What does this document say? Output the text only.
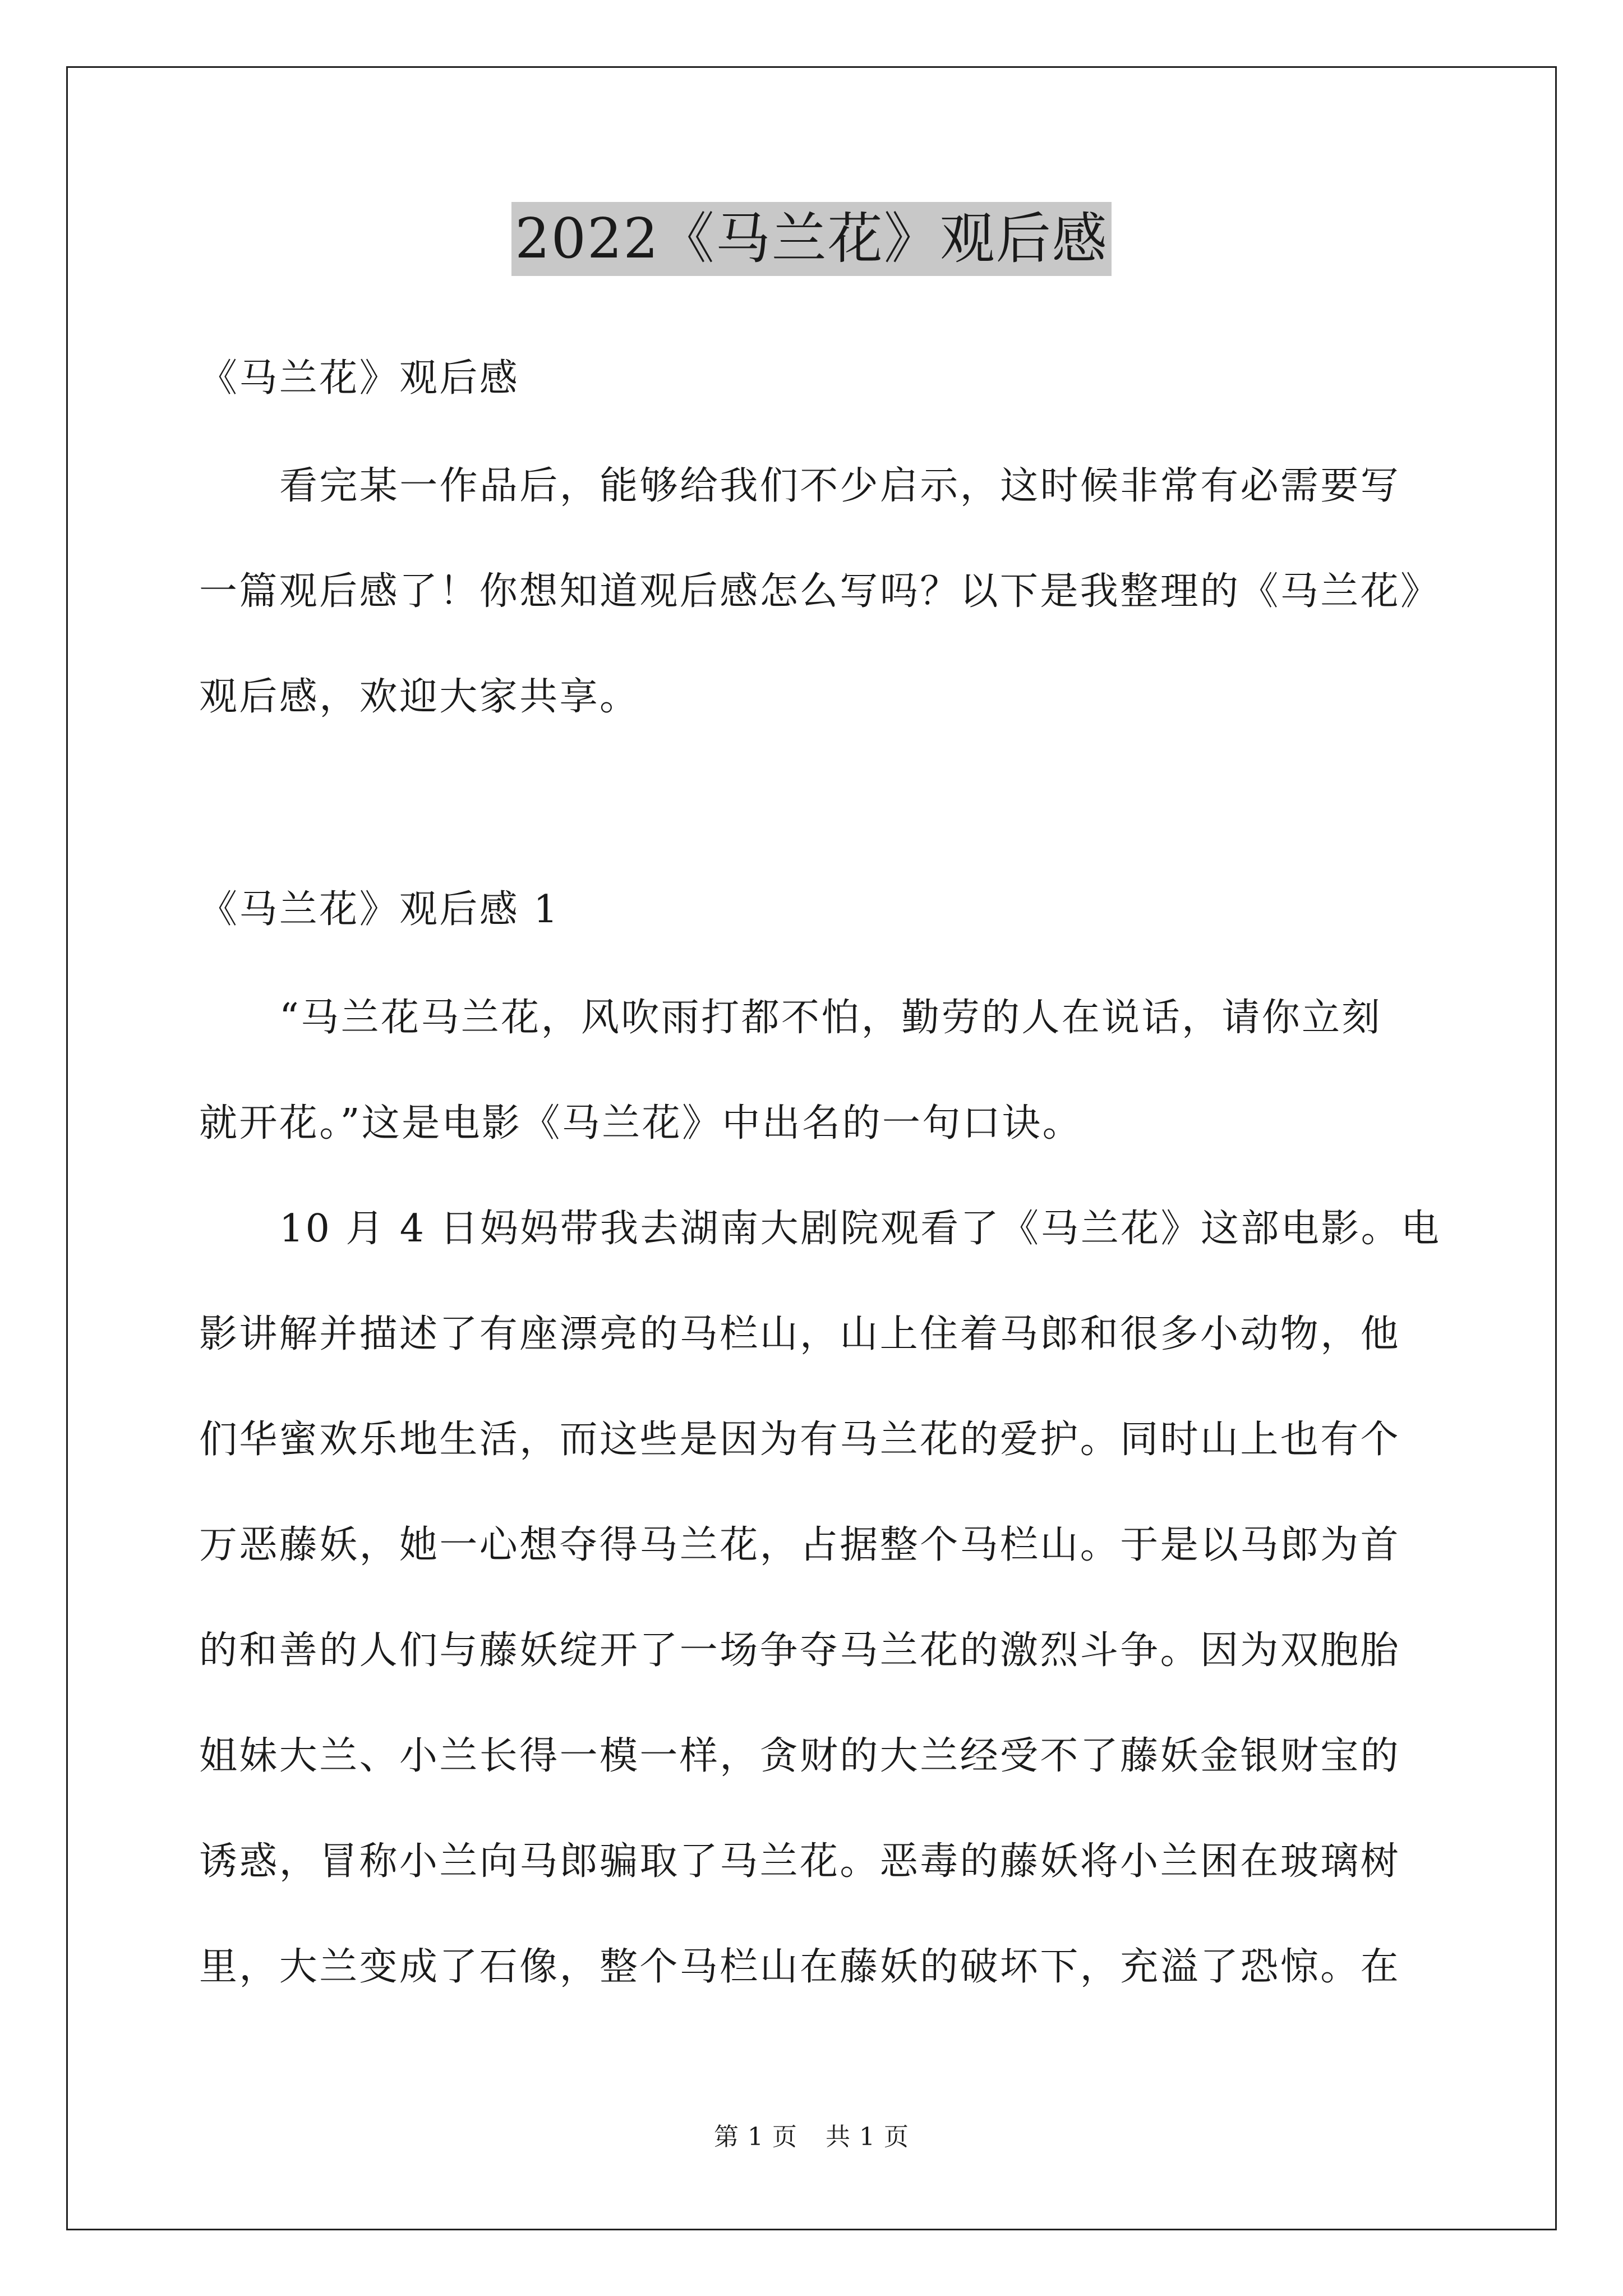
2022《马兰花》观后感
《马兰花》观后感
看完某一作品后，能够给我们不少启示，这时候非常有必需要写
一篇观后感了！你想知道观后感怎么写吗？以下是我整理的《马兰花》
观后感，欢迎大家共享。
《马兰花》观后感 1
“马兰花马兰花，风吹雨打都不怕，勤劳的人在说话，请你立刻
就开花。”这是电影《马兰花》中出名的一句口诀。
10 月 4 日妈妈带我去湖南大剧院观看了《马兰花》这部电影。电
影讲解并描述了有座漂亮的马栏山，山上住着马郎和很多小动物，他
们华蜜欢乐地生活，而这些是因为有马兰花的爱护。同时山上也有个
万恶藤妖，她一心想夺得马兰花，占据整个马栏山。于是以马郎为首
的和善的人们与藤妖绽开了一场争夺马兰花的激烈斗争。因为双胞胎
姐妹大兰、小兰长得一模一样，贪财的大兰经受不了藤妖金银财宝的
诱惑，冒称小兰向马郎骗取了马兰花。恶毒的藤妖将小兰困在玻璃树
里，大兰变成了石像，整个马栏山在藤妖的破坏下，充溢了恐惊。在
第 1 页 共 1 页
